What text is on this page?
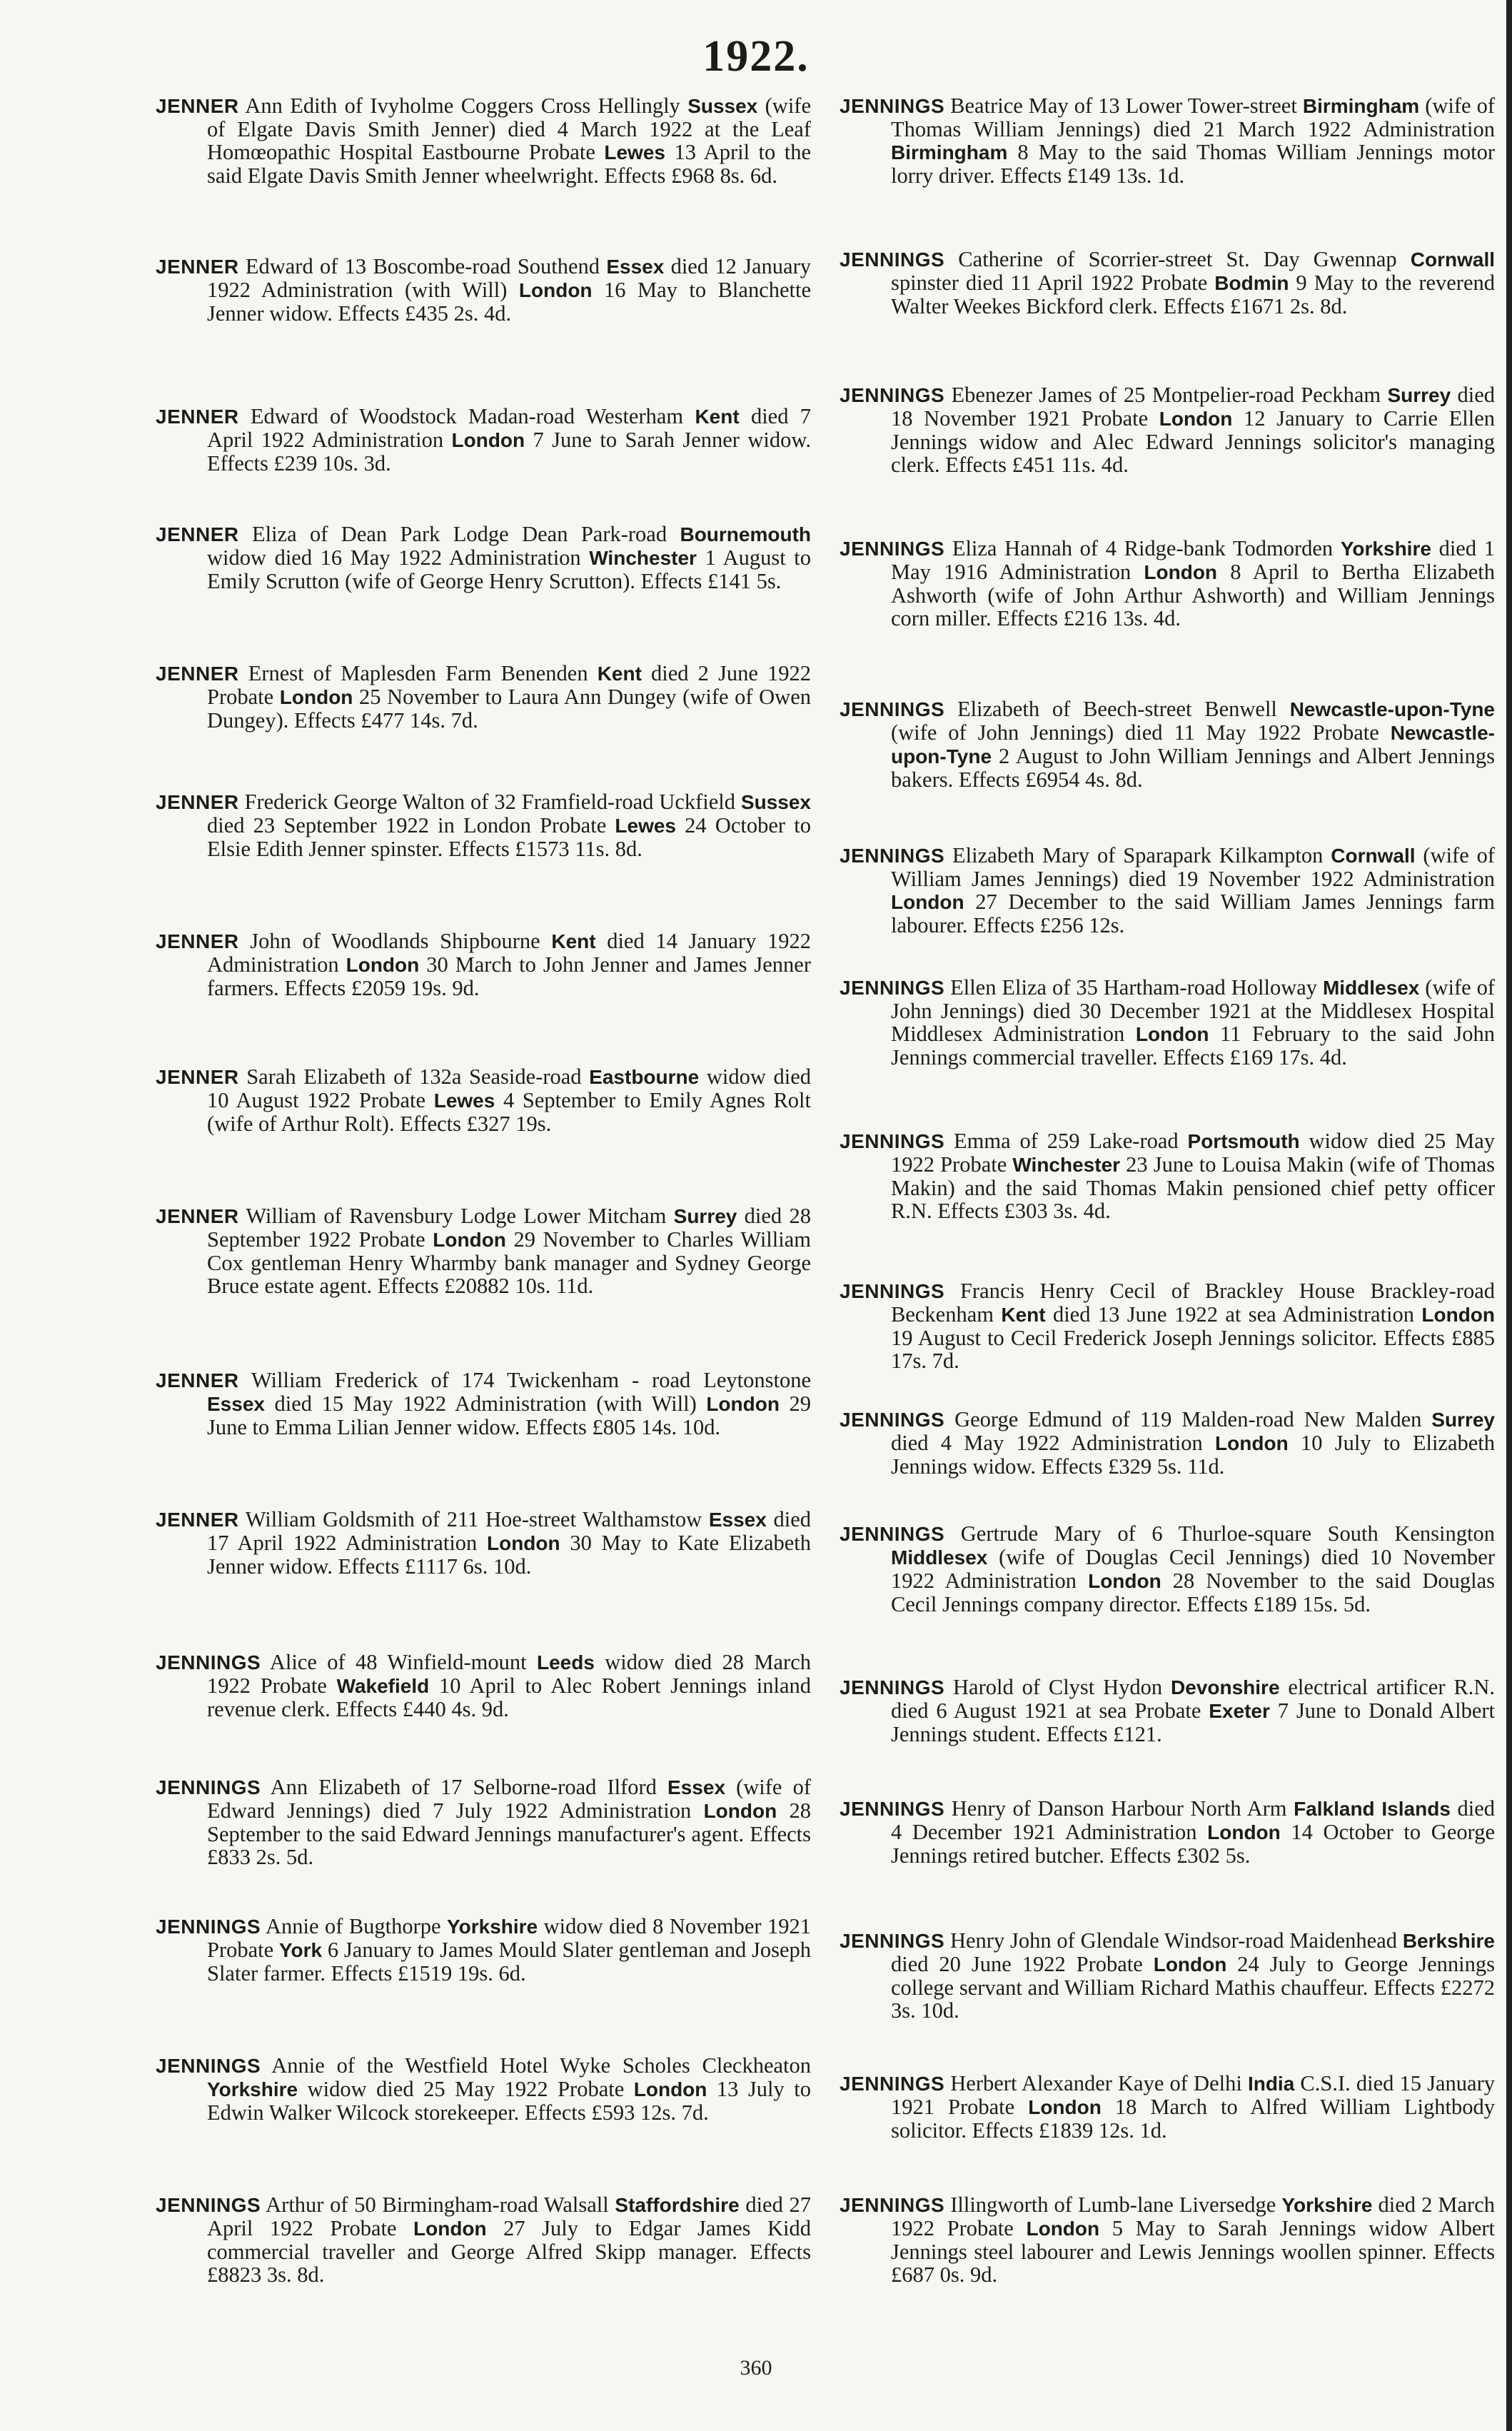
1922.
JENNER Ann Edith of Ivyholme Coggers Cross Hellingly Sussex (wife of Elgate Davis Smith Jenner) died 4 March 1922 at the Leaf Homœopathic Hospital Eastbourne Probate Lewes 13 April to the said Elgate Davis Smith Jenner wheelwright. Effects £968 8s. 6d.
JENNER Edward of 13 Boscombe-road Southend Essex died 12 January 1922 Administration (with Will) London 16 May to Blanchette Jenner widow. Effects £435 2s. 4d.
JENNER Edward of Woodstock Madan-road Westerham Kent died 7 April 1922 Administration London 7 June to Sarah Jenner widow. Effects £239 10s. 3d.
JENNER Eliza of Dean Park Lodge Dean Park-road Bournemouth widow died 16 May 1922 Administration Winchester 1 August to Emily Scrutton (wife of George Henry Scrutton). Effects £141 5s.
JENNER Ernest of Maplesden Farm Benenden Kent died 2 June 1922 Probate London 25 November to Laura Ann Dungey (wife of Owen Dungey). Effects £477 14s. 7d.
JENNER Frederick George Walton of 32 Framfield-road Uckfield Sussex died 23 September 1922 in London Probate Lewes 24 October to Elsie Edith Jenner spinster. Effects £1573 11s. 8d.
JENNER John of Woodlands Shipbourne Kent died 14 January 1922 Administration London 30 March to John Jenner and James Jenner farmers. Effects £2059 19s. 9d.
JENNER Sarah Elizabeth of 132a Seaside-road Eastbourne widow died 10 August 1922 Probate Lewes 4 September to Emily Agnes Rolt (wife of Arthur Rolt). Effects £327 19s.
JENNER William of Ravensbury Lodge Lower Mitcham Surrey died 28 September 1922 Probate London 29 November to Charles William Cox gentleman Henry Wharmby bank manager and Sydney George Bruce estate agent. Effects £20882 10s. 11d.
JENNER William Frederick of 174 Twickenham - road Leytonstone Essex died 15 May 1922 Administration (with Will) London 29 June to Emma Lilian Jenner widow. Effects £805 14s. 10d.
JENNER William Goldsmith of 211 Hoe-street Walthamstow Essex died 17 April 1922 Administration London 30 May to Kate Elizabeth Jenner widow. Effects £1117 6s. 10d.
JENNINGS Alice of 48 Winfield-mount Leeds widow died 28 March 1922 Probate Wakefield 10 April to Alec Robert Jennings inland revenue clerk. Effects £440 4s. 9d.
JENNINGS Ann Elizabeth of 17 Selborne-road Ilford Essex (wife of Edward Jennings) died 7 July 1922 Administration London 28 September to the said Edward Jennings manufacturer's agent. Effects £833 2s. 5d.
JENNINGS Annie of Bugthorpe Yorkshire widow died 8 November 1921 Probate York 6 January to James Mould Slater gentleman and Joseph Slater farmer. Effects £1519 19s. 6d.
JENNINGS Annie of the Westfield Hotel Wyke Scholes Cleckheaton Yorkshire widow died 25 May 1922 Probate London 13 July to Edwin Walker Wilcock storekeeper. Effects £593 12s. 7d.
JENNINGS Arthur of 50 Birmingham-road Walsall Staffordshire died 27 April 1922 Probate London 27 July to Edgar James Kidd commercial traveller and George Alfred Skipp manager. Effects £8823 3s. 8d.
JENNINGS Beatrice May of 13 Lower Tower-street Birmingham (wife of Thomas William Jennings) died 21 March 1922 Administration Birmingham 8 May to the said Thomas William Jennings motor lorry driver. Effects £149 13s. 1d.
JENNINGS Catherine of Scorrier-street St. Day Gwennap Cornwall spinster died 11 April 1922 Probate Bodmin 9 May to the reverend Walter Weekes Bickford clerk. Effects £1671 2s. 8d.
JENNINGS Ebenezer James of 25 Montpelier-road Peckham Surrey died 18 November 1921 Probate London 12 January to Carrie Ellen Jennings widow and Alec Edward Jennings solicitor's managing clerk. Effects £451 11s. 4d.
JENNINGS Eliza Hannah of 4 Ridge-bank Todmorden Yorkshire died 1 May 1916 Administration London 8 April to Bertha Elizabeth Ashworth (wife of John Arthur Ashworth) and William Jennings corn miller. Effects £216 13s. 4d.
JENNINGS Elizabeth of Beech-street Benwell Newcastle-upon-Tyne (wife of John Jennings) died 11 May 1922 Probate Newcastle-upon-Tyne 2 August to John William Jennings and Albert Jennings bakers. Effects £6954 4s. 8d.
JENNINGS Elizabeth Mary of Sparapark Kilkampton Cornwall (wife of William James Jennings) died 19 November 1922 Administration London 27 December to the said William James Jennings farm labourer. Effects £256 12s.
JENNINGS Ellen Eliza of 35 Hartham-road Holloway Middlesex (wife of John Jennings) died 30 December 1921 at the Middlesex Hospital Middlesex Administration London 11 February to the said John Jennings commercial traveller. Effects £169 17s. 4d.
JENNINGS Emma of 259 Lake-road Portsmouth widow died 25 May 1922 Probate Winchester 23 June to Louisa Makin (wife of Thomas Makin) and the said Thomas Makin pensioned chief petty officer R.N. Effects £303 3s. 4d.
JENNINGS Francis Henry Cecil of Brackley House Brackley-road Beckenham Kent died 13 June 1922 at sea Administration London 19 August to Cecil Frederick Joseph Jennings solicitor. Effects £885 17s. 7d.
JENNINGS George Edmund of 119 Malden-road New Malden Surrey died 4 May 1922 Administration London 10 July to Elizabeth Jennings widow. Effects £329 5s. 11d.
JENNINGS Gertrude Mary of 6 Thurloe-square South Kensington Middlesex (wife of Douglas Cecil Jennings) died 10 November 1922 Administration London 28 November to the said Douglas Cecil Jennings company director. Effects £189 15s. 5d.
JENNINGS Harold of Clyst Hydon Devonshire electrical artificer R.N. died 6 August 1921 at sea Probate Exeter 7 June to Donald Albert Jennings student. Effects £121.
JENNINGS Henry of Danson Harbour North Arm Falkland Islands died 4 December 1921 Administration London 14 October to George Jennings retired butcher. Effects £302 5s.
JENNINGS Henry John of Glendale Windsor-road Maidenhead Berkshire died 20 June 1922 Probate London 24 July to George Jennings college servant and William Richard Mathis chauffeur. Effects £2272 3s. 10d.
JENNINGS Herbert Alexander Kaye of Delhi India C.S.I. died 15 January 1921 Probate London 18 March to Alfred William Lightbody solicitor. Effects £1839 12s. 1d.
JENNINGS Illingworth of Lumb-lane Liversedge Yorkshire died 2 March 1922 Probate London 5 May to Sarah Jennings widow Albert Jennings steel labourer and Lewis Jennings woollen spinner. Effects £687 0s. 9d.
360
